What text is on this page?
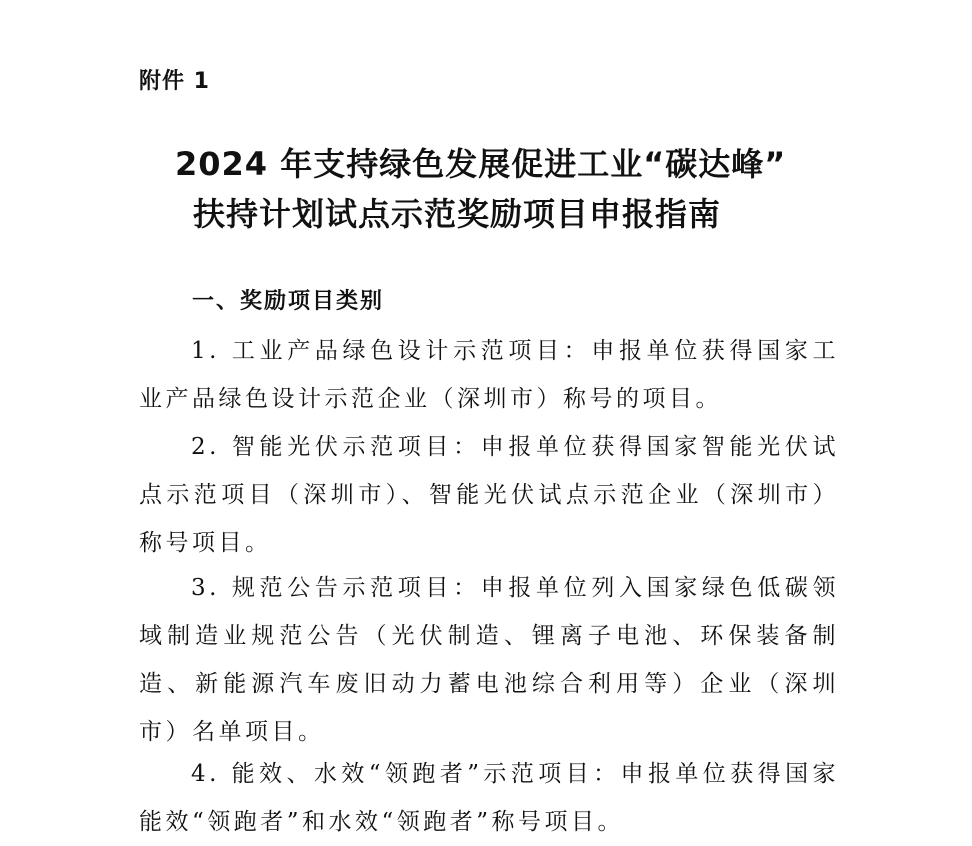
附件 1

2024 年支持绿色发展促进工业“碳达峰”
扶持计划试点示范奖励项目申报指南
一、奖励项目类别

1. 工业产品绿色设计示范项目：申报单位获得国家工业产品绿色设计示范企业（深圳市）称号的项目。

2. 智能光伏示范项目：申报单位获得国家智能光伏试点示范项目（深圳市）、智能光伏试点示范企业（深圳市）称号项目。

3. 规范公告示范项目：申报单位列入国家绿色低碳领域制造业规范公告（光伏制造、锂离子电池、环保装备制造、新能源汽车废旧动力蓄电池综合利用等）企业（深圳市）名单项目。

4. 能效、水效“领跑者”示范项目：申报单位获得国家能效“领跑者”和水效“领跑者”称号项目。
